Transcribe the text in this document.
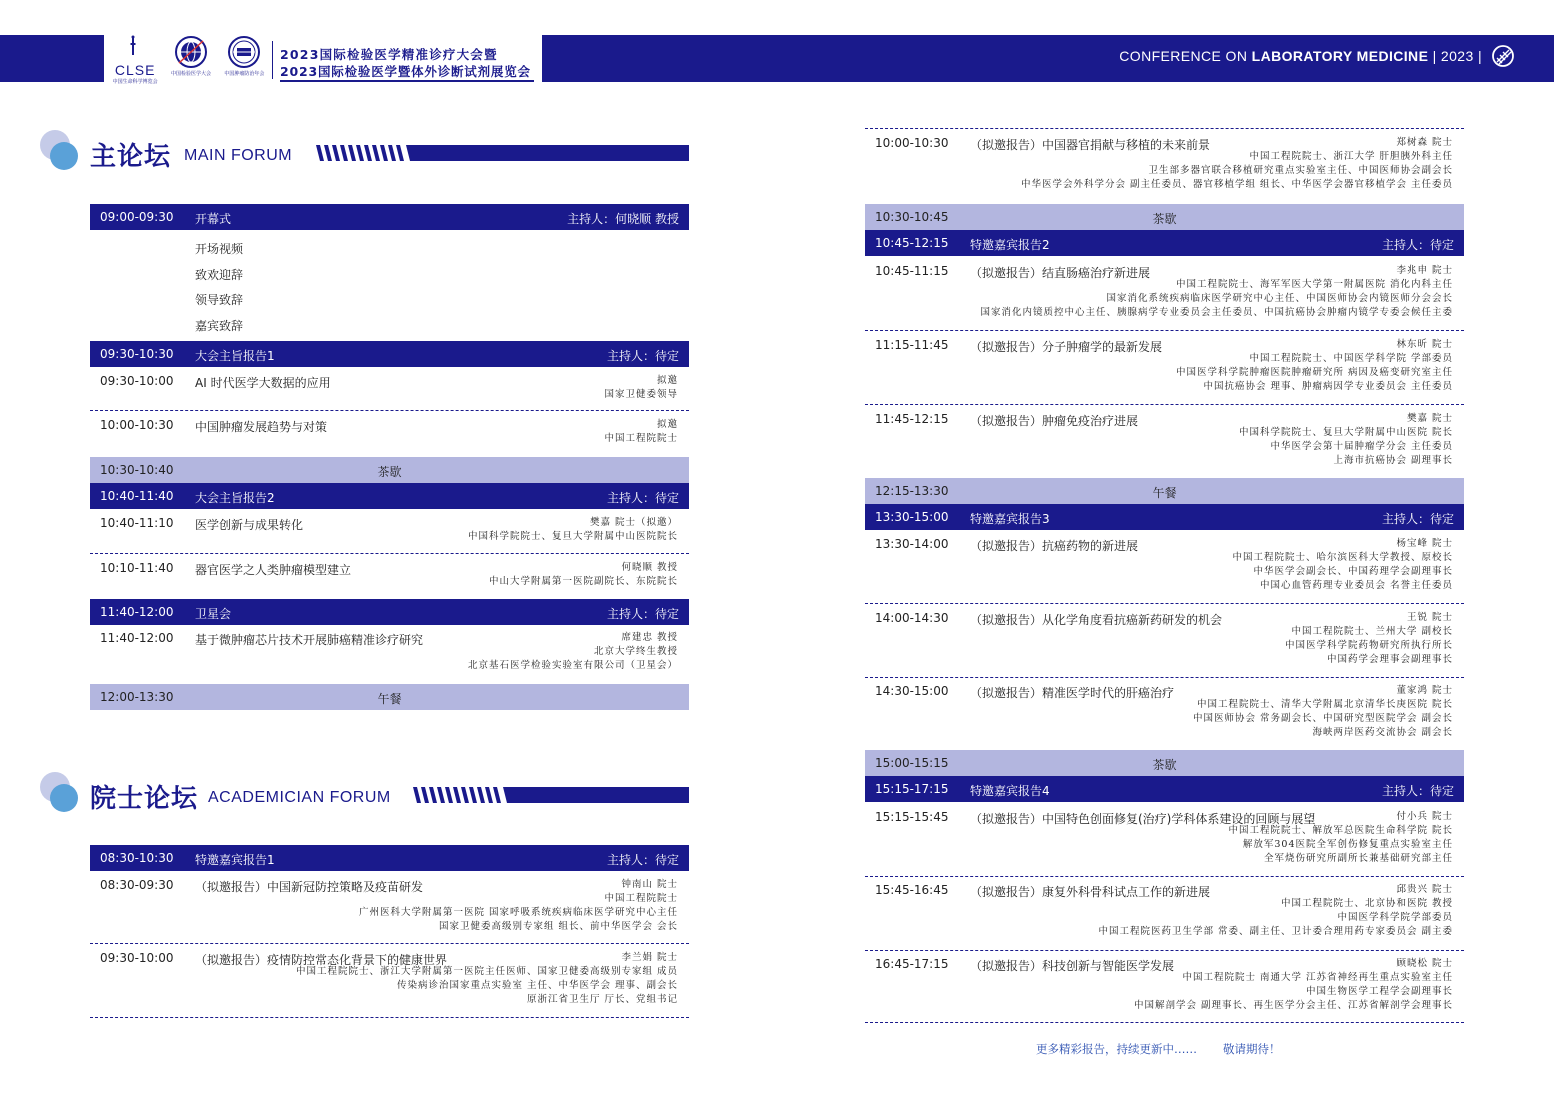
CLSE
中国生命科学博览会
中国检验医学大会	中国肿瘤防治年会
2023国际检验医学精准诊疗大会暨
2023国际检验医学暨体外诊断试剂展览会
CONFERENCE ON LABORATORY MEDICINE | 2023 |
主论坛 MAIN FORUM
09:00-09:30 开幕式	主持人：何晓顺 教授
开场视频
致欢迎辞
领导致辞
嘉宾致辞
09:30-10:30 大会主旨报告1	主持人：待定
09:30-10:00 AI 时代医学大数据的应用	拟邀
国家卫健委领导
10:00-10:30 中国肿瘤发展趋势与对策	拟邀
中国工程院院士
10:30-10:40	茶歇
10:40-11:40 大会主旨报告2	主持人：待定
10:40-11:10 医学创新与成果转化	樊嘉 院士（拟邀）
中国科学院院士、复旦大学附属中山医院院长
10:10-11:40 器官医学之人类肿瘤模型建立	何晓顺 教授
中山大学附属第一医院副院长、东院院长
11:40-12:00 卫星会	主持人：待定
11:40-12:00 基于微肿瘤芯片技术开展肺癌精准诊疗研究	席建忠 教授
北京大学终生教授
北京基石医学检验实验室有限公司（卫星会）
12:00-13:30	午餐
08:30-10:30 特邀嘉宾报告1	主持人：待定
08:30-09:30 （拟邀报告）中国新冠防控策略及疫苗研发	钟南山 院士
中国工程院院士
广州医科大学附属第一医院 国家呼吸系统疾病临床医学研究中心主任
国家卫健委高级别专家组 组长、前中华医学会 会长
09:30-10:00 （拟邀报告）疫情防控常态化背景下的健康世界	李兰娟 院士
中国工程院院士、浙江大学附属第一医院主任医师、国家卫健委高级别专家组 成员
传染病诊治国家重点实验室 主任、中华医学会 理事、副会长
原浙江省卫生厅 厅长、党组书记
院士论坛 ACADEMICIAN FORUM
10:00-10:30 （拟邀报告）中国器官捐献与移植的未来前景	郑树森 院士
中国工程院院士、浙江大学 肝胆胰外科主任
卫生部多器官联合移植研究重点实验室主任、中国医师协会副会长
中华医学会外科学分会 副主任委员、器官移植学组 组长、中华医学会器官移植学会 主任委员
10:30-10:45	茶歇
10:45-12:15 特邀嘉宾报告2	主持人：待定
10:45-11:15 （拟邀报告）结直肠癌治疗新进展	李兆申 院士
中国工程院院士、海军军医大学第一附属医院 消化内科主任
国家消化系统疾病临床医学研究中心主任、中国医师协会内镜医师分会会长
国家消化内镜质控中心主任、胰腺病学专业委员会主任委员、中国抗癌协会肿瘤内镜学专委会候任主委
11:15-11:45 （拟邀报告）分子肿瘤学的最新发展	林东昕 院士
中国工程院院士、中国医学科学院 学部委员
中国医学科学院肿瘤医院肿瘤研究所 病因及癌变研究室主任
中国抗癌协会 理事、肿瘤病因学专业委员会 主任委员
11:45-12:15 （拟邀报告）肿瘤免疫治疗进展	樊嘉 院士
中国科学院院士、复旦大学附属中山医院 院长
中华医学会第十届肿瘤学分会 主任委员
上海市抗癌协会 副理事长
12:15-13:30	午餐
13:30-15:00 特邀嘉宾报告3	主持人：待定
13:30-14:00 （拟邀报告）抗癌药物的新进展	杨宝峰 院士
中国工程院院士、哈尔滨医科大学教授、原校长
中华医学会副会长、中国药理学会副理事长
中国心血管药理专业委员会 名誉主任委员
14:00-14:30 （拟邀报告）从化学角度看抗癌新药研发的机会	王锐 院士
中国工程院院士、兰州大学 副校长
中国医学科学院药物研究所执行所长
中国药学会理事会副理事长
14:30-15:00 （拟邀报告）精准医学时代的肝癌治疗	董家鸿 院士
中国工程院院士、清华大学附属北京清华长庚医院 院长
中国医师协会 常务副会长、中国研究型医院学会 副会长
海峡两岸医药交流协会 副会长
15:00-15:15	茶歇
15:15-17:15 特邀嘉宾报告4	主持人：待定
15:15-15:45 （拟邀报告）中国特色创面修复(治疗)学科体系建设的回顾与展望	付小兵 院士
中国工程院院士、解放军总医院生命科学院 院长
解放军304医院全军创伤修复重点实验室主任
全军烧伤研究所副所长兼基础研究部主任
15:45-16:45 （拟邀报告）康复外科骨科试点工作的新进展	邱贵兴 院士
中国工程院院士、北京协和医院 教授
中国医学科学院学部委员
中国工程院医药卫生学部 常委、副主任、卫计委合理用药专家委员会 副主委
16:45-17:15 （拟邀报告）科技创新与智能医学发展	顾晓松 院士
中国工程院院士 南通大学 江苏省神经再生重点实验室主任
中国生物医学工程学会副理事长
中国解剖学会 副理事长、再生医学分会主任、江苏省解剖学会理事长
更多精彩报告，持续更新中…… 敬请期待！
